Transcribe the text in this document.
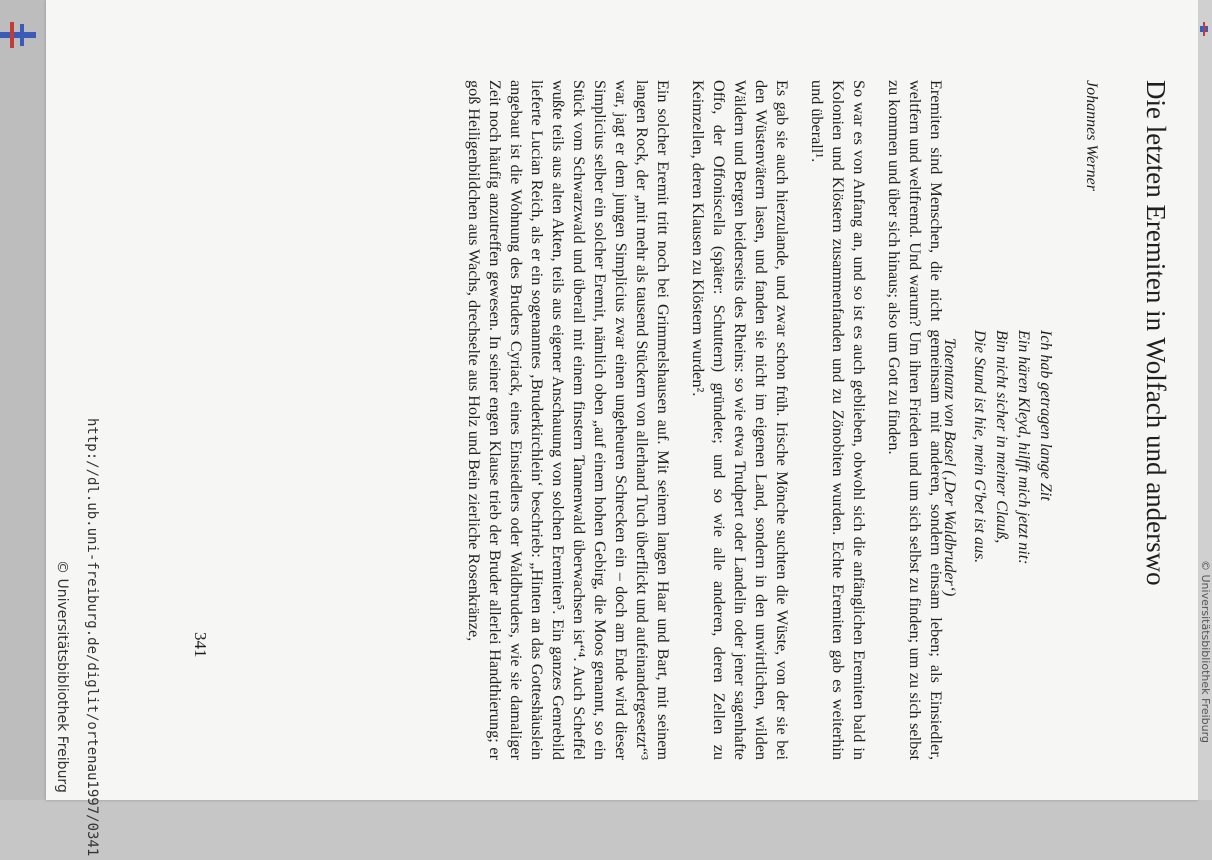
Die letzten Eremiten in Wolfach und anderswo
Johannes Werner
Ich hab getragen lange Zit
Ein hären Kleyd, hilfft mich jetzt nit:
Bin nicht sicher in meiner Clauß,
Die Stund ist hie, mein G'bet ist aus.
Totentanz von Basel (‚Der Waldbruder‘)

Eremiten sind Menschen, die nicht gemeinsam mit anderen, sondern einsam leben; als Einsiedler, weltfern und weltfremd. Und warum? Um ihren Frieden und um sich selbst zu finden; um zu sich selbst zu kommen und über sich hinaus; also um Gott zu finden.

So war es von Anfang an, und so ist es auch geblieben, obwohl sich die anfänglichen Eremiten bald in Kolonien und Klöstern zusammenfanden und zu Zönobiten wurden. Echte Eremiten gab es weiterhin und überall¹.

Es gab sie auch hierzulande, und zwar schon früh. Irische Mönche suchten die Wüste, von der sie bei den Wüstenvätern lasen, und fanden sie nicht im eigenen Land, sondern in den unwirtlichen, wilden Wäldern und Bergen beiderseits des Rheins: so wie etwa Trudpert oder Landelin oder jener sagenhafte Offo, der Offoniscella (später: Schuttern) gründete; und so wie alle anderen, deren Zellen zu Keimzellen, deren Klausen zu Klöstern wurden².

Ein solcher Eremit tritt noch bei Grimmelshausen auf. Mit seinem langen Haar und Bart, mit seinem langen Rock, der „mit mehr als tausend Stückern von allerhand Tuch überflickt und aufeinandergesetzt“³ war, jagt er dem jungen Simplicius zwar einen ungeheuren Schrecken ein – doch am Ende wird dieser Simplicius selber ein solcher Eremit, nämlich oben „auf einem hohen Gebirg, die Moos genannt, so ein Stück vom Schwarzwald und überall mit einem finstern Tannenwald überwachsen ist“⁴. Auch Scheffel wußte teils aus alten Akten, teils aus eigener Anschauung von solchen Eremiten⁵. Ein ganzes Genrebild lieferte Lucian Reich, als er ein sogenanntes ‚Bruderkirchlein‘ beschrieb: „Hinten an das Gotteshäuslein angebaut ist die Wohnung des Bruders Cyriack, eines Einsiedlers oder Waldbruders, wie sie damaliger Zeit noch häufig anzutreffen gewesen. In seiner engen Klause trieb der Bruder allerlei Handthierung; er goß Heiligenbildchen aus Wachs, drechselte aus Holz und Bein zierliche Rosenkränze,

341
http://dl.ub.uni-freiburg.de/diglit/ortenau1997/0341
© Universitätsbibliothek Freiburg	© Universitätsbibliothek Freiburg
